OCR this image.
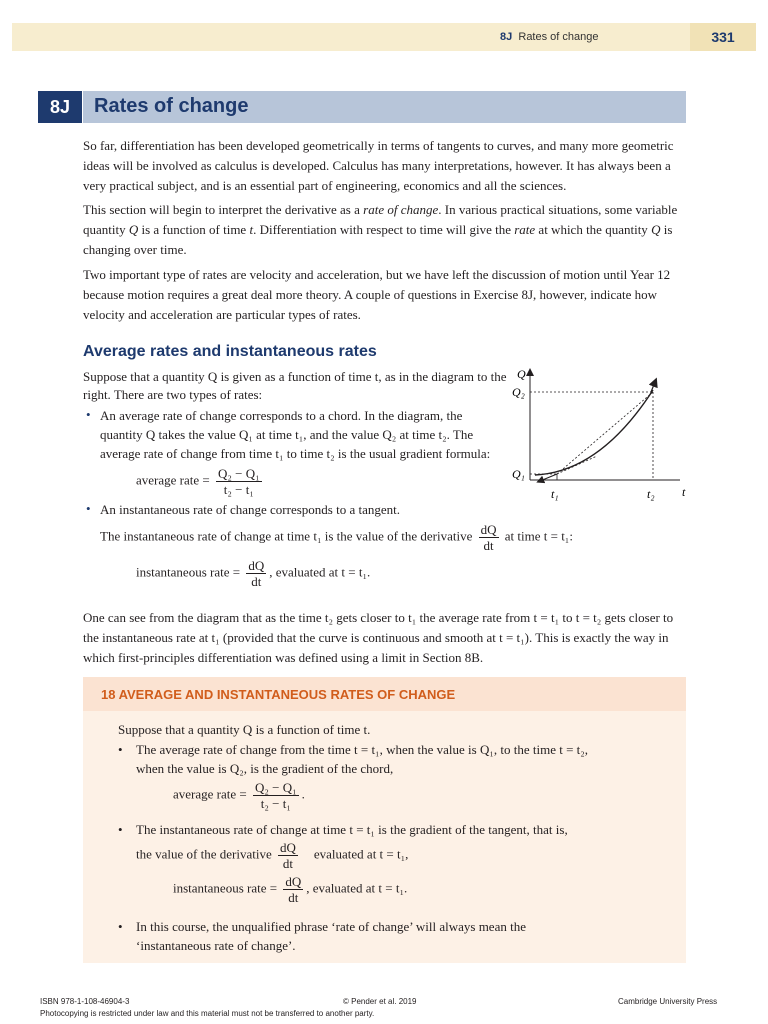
8J Rates of change	331
8J	Rates of change

So far, differentiation has been developed geometrically in terms of tangents to curves, and many more geometric ideas will be involved as calculus is developed. Calculus has many interpretations, however. It has always been a very practical subject, and is an essential part of engineering, economics and all the sciences.

This section will begin to interpret the derivative as a rate of change. In various practical situations, some variable quantity Q is a function of time t. Differentiation with respect to time will give the rate at which the quantity Q is changing over time.

Two important type of rates are velocity and acceleration, but we have left the discussion of motion until Year 12 because motion requires a great deal more theory. A couple of questions in Exercise 8J, however, indicate how velocity and acceleration are particular types of rates.

Average rates and instantaneous rates
Suppose that a quantity Q is given as a function of time t, as in the diagram to the
right. There are two types of rates:
• An average rate of change corresponds to a chord. In the diagram, the
quantity Q takes the value Q₁ at time t₁, and the value Q₂ at time t₂. The
average rate of change from time t₁ to time t₂ is the usual gradient formula:
average rate = $\frac{\text{Q₂ − Q₁}}{\text{t₂ − t₁}}$
• An instantaneous rate of change corresponds to a tangent.
The instantaneous rate of change at time t₁ is the value of the derivative $\frac{dQ}{dt}$ at time t = t₁:
instantaneous rate = $\frac{dQ}{dt}$ , evaluated at t = t₁.

One can see from the diagram that as the time t₂ gets closer to t₁ the average rate from t = t₁ to t = t₂ gets closer to the instantaneous rate at t₁ (provided that the curve is continuous and smooth at t = t₁). This is exactly the way in which first-principles differentiation was defined using a limit in Section 8B.

Q
t
Q₂
Q₁
t₁	t₂
18 AVERAGE AND INSTANTANEOUS RATES OF CHANGE
Suppose that a quantity Q is a function of time t.
• The average rate of change from the time t = t₁, when the value is Q₁, to the time t = t₂,
when the value is Q₂, is the gradient of the chord,
average rate = $\frac{\text{Q₂ − Q₁}}{\text{t₂ − t₁}}$ .
• The instantaneous rate of change at time t = t₁ is the gradient of the tangent, that is,
the value of the derivative $\frac{dQ}{dt}$ evaluated at t = t₁,
instantaneous rate = $\frac{dQ}{dt}$ , evaluated at t = t₁.
• In this course, the unqualified phrase ‘rate of change’ will always mean the
‘instantaneous rate of change’.
ISBN 978-1-108-46904-3	© Pender et al. 2019	Cambridge University Press
Photocopying is restricted under law and this material must not be transferred to another party.
